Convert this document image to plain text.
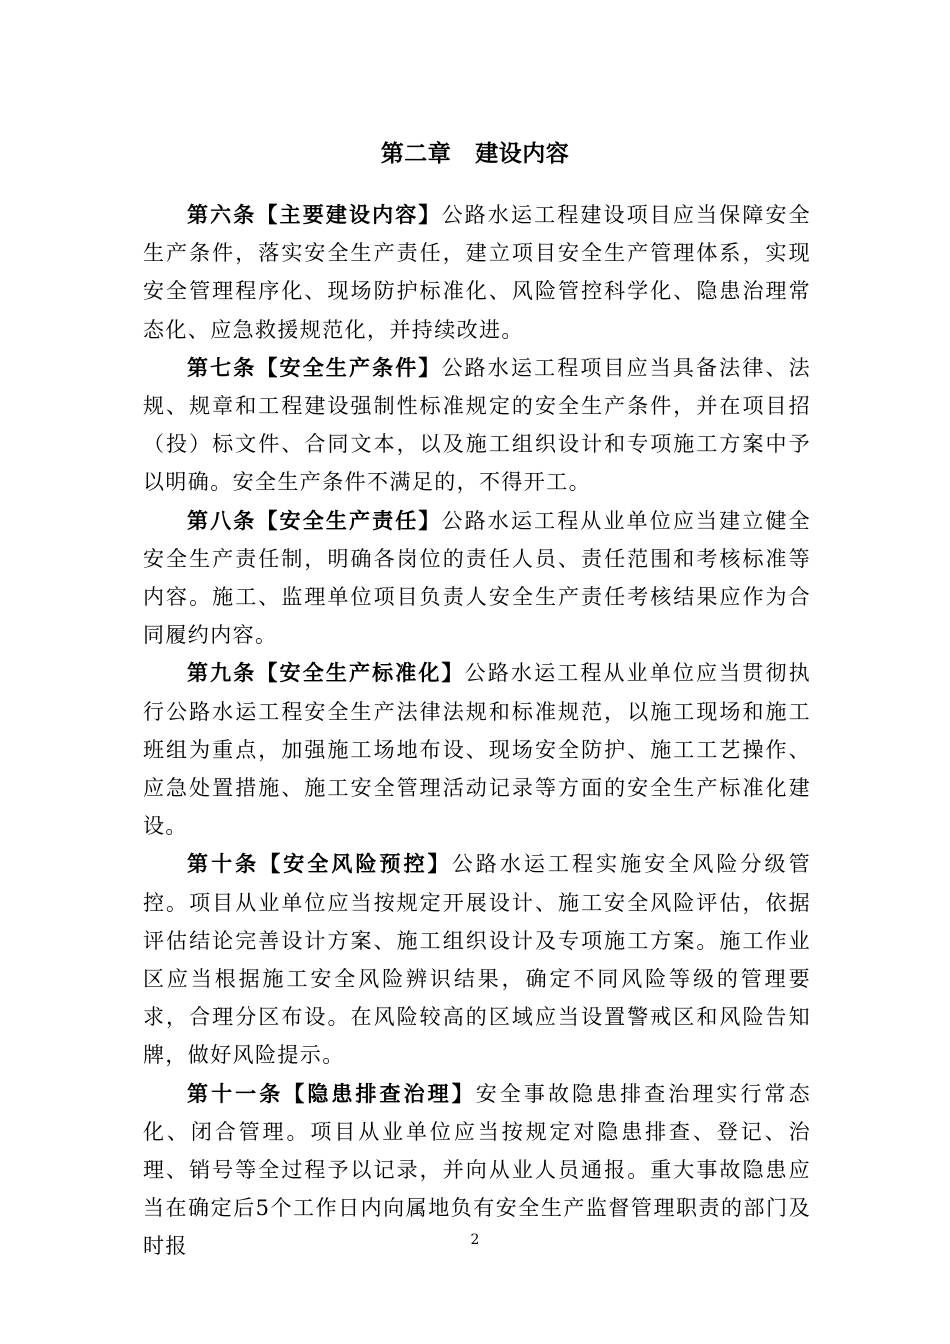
第二章 建设内容

第六条【主要建设内容】公路水运工程建设项目应当保障安全生产条件，落实安全生产责任，建立项目安全生产管理体系，实现安全管理程序化、现场防护标准化、风险管控科学化、隐患治理常态化、应急救援规范化，并持续改进。

第七条【安全生产条件】公路水运工程项目应当具备法律、法规、规章和工程建设强制性标准规定的安全生产条件，并在项目招（投）标文件、合同文本，以及施工组织设计和专项施工方案中予以明确。安全生产条件不满足的，不得开工。

第八条【安全生产责任】公路水运工程从业单位应当建立健全安全生产责任制，明确各岗位的责任人员、责任范围和考核标准等内容。施工、监理单位项目负责人安全生产责任考核结果应作为合同履约内容。

第九条【安全生产标准化】公路水运工程从业单位应当贯彻执行公路水运工程安全生产法律法规和标准规范，以施工现场和施工班组为重点，加强施工场地布设、现场安全防护、施工工艺操作、应急处置措施、施工安全管理活动记录等方面的安全生产标准化建设。

第十条【安全风险预控】公路水运工程实施安全风险分级管控。项目从业单位应当按规定开展设计、施工安全风险评估，依据评估结论完善设计方案、施工组织设计及专项施工方案。施工作业区应当根据施工安全风险辨识结果，确定不同风险等级的管理要求，合理分区布设。在风险较高的区域应当设置警戒区和风险告知牌，做好风险提示。

第十一条【隐患排查治理】安全事故隐患排查治理实行常态化、闭合管理。项目从业单位应当按规定对隐患排查、登记、治理、销号等全过程予以记录，并向从业人员通报。重大事故隐患应当在确定后5个工作日内向属地负有安全生产监督管理职责的部门及时报	2
